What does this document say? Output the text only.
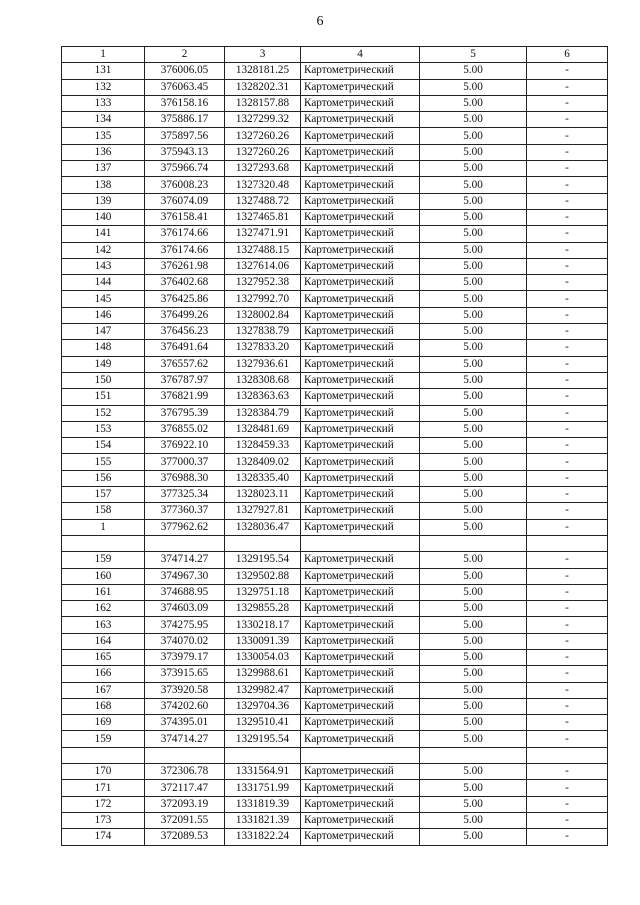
6
1	2	3	4	5	6
131	376006.05	1328181.25	Картометрический	5.00	-
132	376063.45	1328202.31	Картометрический	5.00	-
133	376158.16	1328157.88	Картометрический	5.00	-
134	375886.17	1327299.32	Картометрический	5.00	-
135	375897.56	1327260.26	Картометрический	5.00	-
136	375943.13	1327260.26	Картометрический	5.00	-
137	375966.74	1327293.68	Картометрический	5.00	-
138	376008.23	1327320.48	Картометрический	5.00	-
139	376074.09	1327488.72	Картометрический	5.00	-
140	376158.41	1327465.81	Картометрический	5.00	-
141	376174.66	1327471.91	Картометрический	5.00	-
142	376174.66	1327488.15	Картометрический	5.00	-
143	376261.98	1327614.06	Картометрический	5.00	-
144	376402.68	1327952.38	Картометрический	5.00	-
145	376425.86	1327992.70	Картометрический	5.00	-
146	376499.26	1328002.84	Картометрический	5.00	-
147	376456.23	1327838.79	Картометрический	5.00	-
148	376491.64	1327833.20	Картометрический	5.00	-
149	376557.62	1327936.61	Картометрический	5.00	-
150	376787.97	1328308.68	Картометрический	5.00	-
151	376821.99	1328363.63	Картометрический	5.00	-
152	376795.39	1328384.79	Картометрический	5.00	-
153	376855.02	1328481.69	Картометрический	5.00	-
154	376922.10	1328459.33	Картометрический	5.00	-
155	377000.37	1328409.02	Картометрический	5.00	-
156	376988.30	1328335.40	Картометрический	5.00	-
157	377325.34	1328023.11	Картометрический	5.00	-
158	377360.37	1327927.81	Картометрический	5.00	-
1	377962.62	1328036.47	Картометрический	5.00	-

159	374714.27	1329195.54	Картометрический	5.00	-
160	374967.30	1329502.88	Картометрический	5.00	-
161	374688.95	1329751.18	Картометрический	5.00	-
162	374603.09	1329855.28	Картометрический	5.00	-
163	374275.95	1330218.17	Картометрический	5.00	-
164	374070.02	1330091.39	Картометрический	5.00	-
165	373979.17	1330054.03	Картометрический	5.00	-
166	373915.65	1329988.61	Картометрический	5.00	-
167	373920.58	1329982.47	Картометрический	5.00	-
168	374202.60	1329704.36	Картометрический	5.00	-
169	374395.01	1329510.41	Картометрический	5.00	-
159	374714.27	1329195.54	Картометрический	5.00	-

170	372306.78	1331564.91	Картометрический	5.00	-
171	372117.47	1331751.99	Картометрический	5.00	-
172	372093.19	1331819.39	Картометрический	5.00	-
173	372091.55	1331821.39	Картометрический	5.00	-
174	372089.53	1331822.24	Картометрический	5.00	-
